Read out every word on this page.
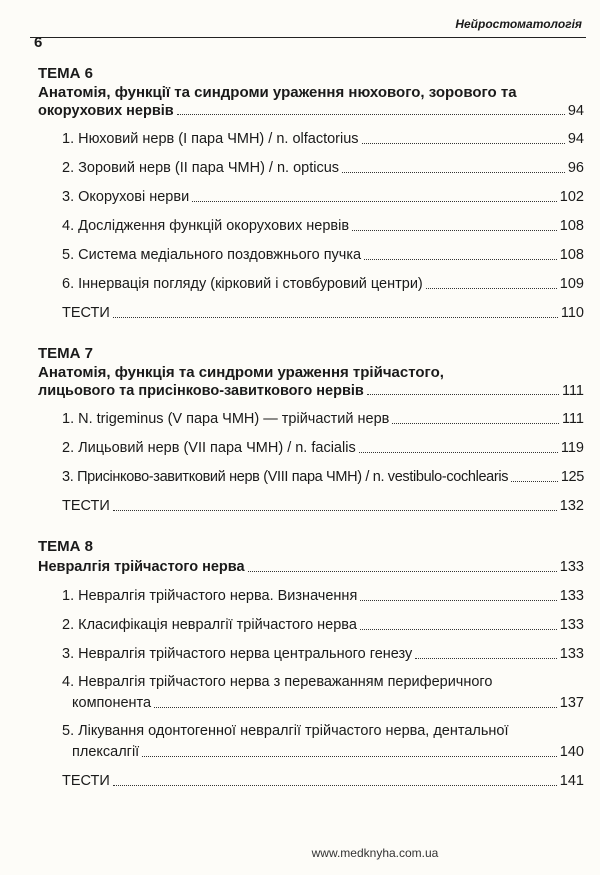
6
Нейростоматологія
ТЕМА 6
Анатомія, функції та синдроми ураження нюхового, зорового та
окорухових нервів	94
1. Нюховий нерв (I пара ЧМН) / n. olfactorius	94
2. Зоровий нерв (II пара ЧМН) / n. opticus	96
3. Окорухові нерви	102
4. Дослідження функцій окорухових нервів	108
5. Система медіального поздовжнього пучка	108
6. Іннервація погляду (кірковий і стовбуровий центри)	109
ТЕСТИ	110
ТЕМА 7
Анатомія, функція та синдроми ураження трійчастого,
лицьового та присінково-завиткового нервів	111
1. N. trigeminus (V пара ЧМН) — трійчастий нерв	111
2. Лицьовий нерв (VII пара ЧМН) / n. facialis	119
3. Присінково-завитковий нерв (VIII пара ЧМН) / n. vestibulo-cochlearis	125
ТЕСТИ	132
ТЕМА 8
Невралгія трійчастого нерва	133
1. Невралгія трійчастого нерва. Визначення	133
2. Класифікація невралгії трійчастого нерва	133
3. Невралгія трійчастого нерва центрального генезу	133
4. Невралгія трійчастого нерва з переважанням периферичного
компонента	137
5. Лікування одонтогенної невралгії трійчастого нерва, дентальної
плексалгії	140
ТЕСТИ	141
www.medknyha.com.ua
